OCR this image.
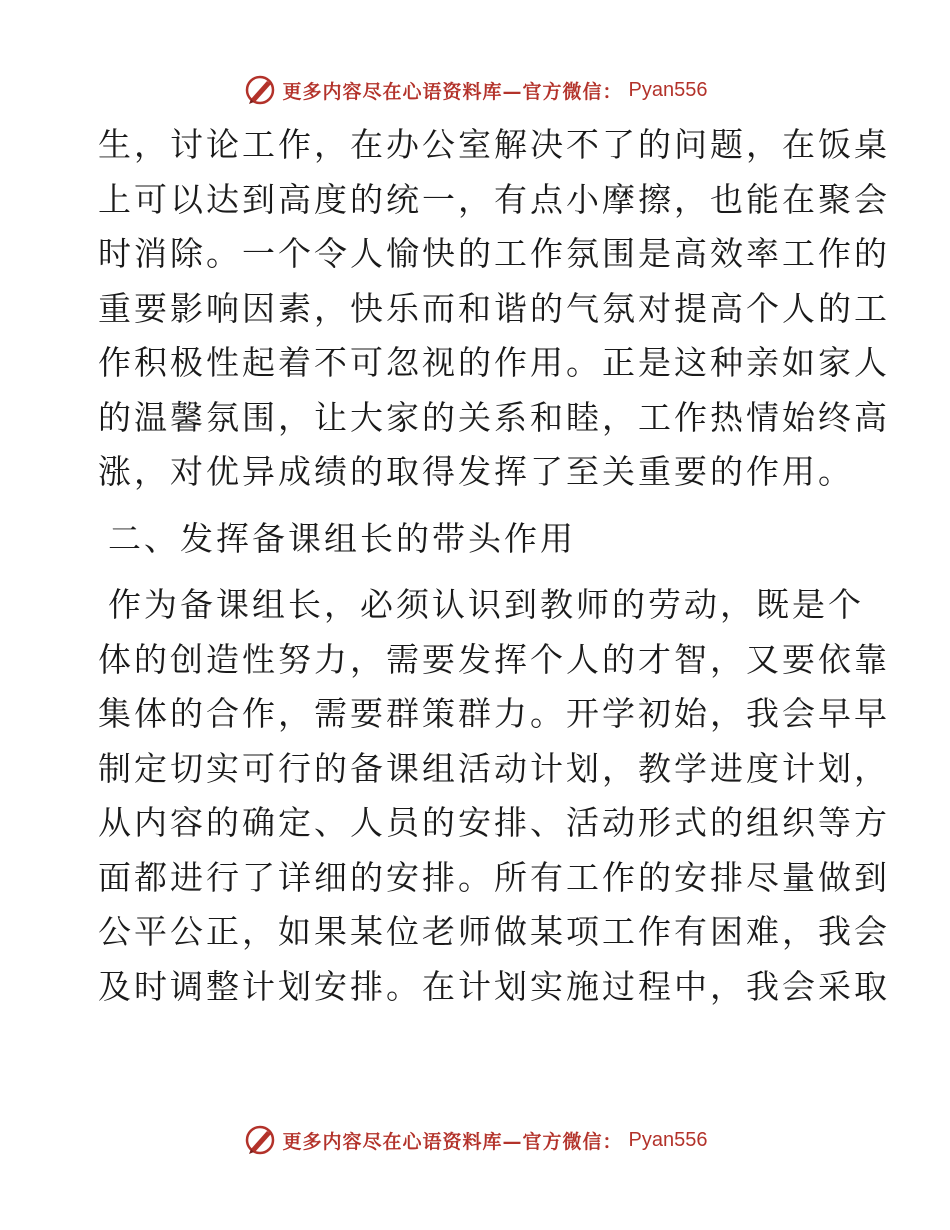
更多内容尽在心语资料库—官方微信： Pyan556
生，讨论工作，在办公室解决不了的问题，在饭桌
上可以达到高度的统一，有点小摩擦，也能在聚会
时消除。一个令人愉快的工作氛围是高效率工作的
重要影响因素，快乐而和谐的气氛对提高个人的工
作积极性起着不可忽视的作用。正是这种亲如家人
的温馨氛围，让大家的关系和睦，工作热情始终高
涨，对优异成绩的取得发挥了至关重要的作用。
二、发挥备课组长的带头作用
作为备课组长，必须认识到教师的劳动，既是个
体的创造性努力，需要发挥个人的才智，又要依靠
集体的合作，需要群策群力。开学初始，我会早早
制定切实可行的备课组活动计划，教学进度计划，
从内容的确定、人员的安排、活动形式的组织等方
面都进行了详细的安排。所有工作的安排尽量做到
公平公正，如果某位老师做某项工作有困难，我会
及时调整计划安排。在计划实施过程中，我会采取
更多内容尽在心语资料库—官方微信： Pyan556
